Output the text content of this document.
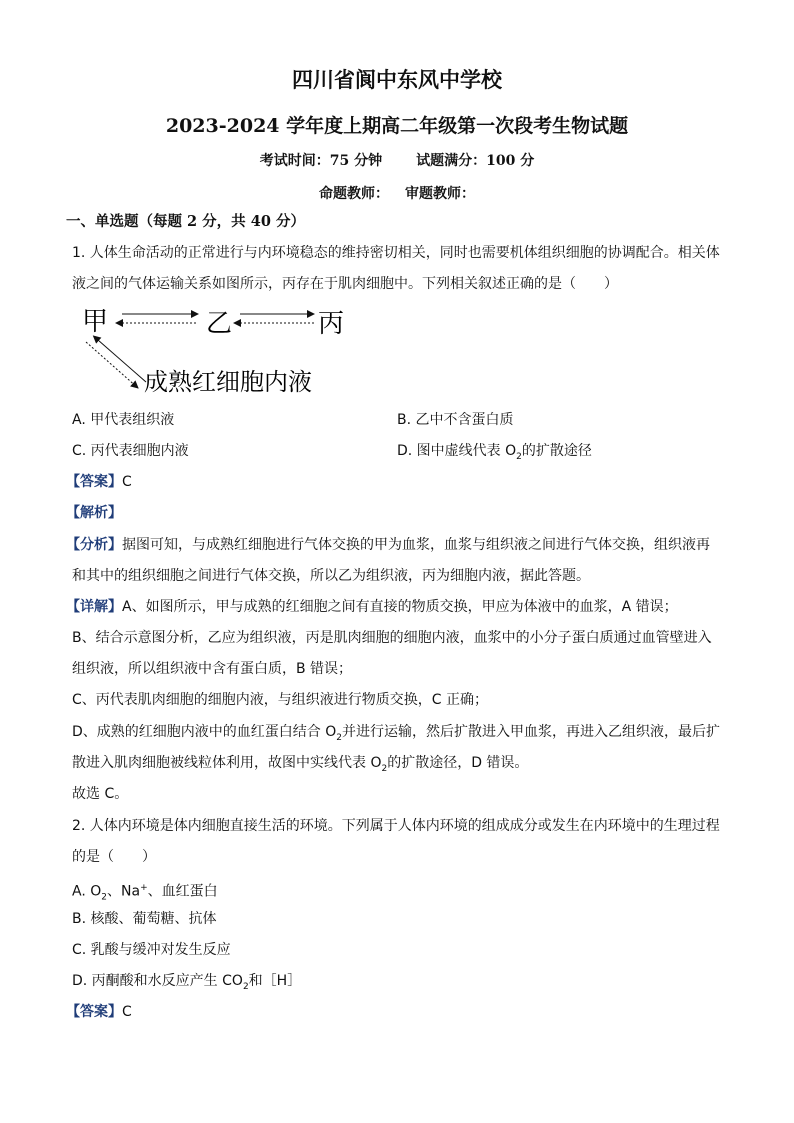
四川省阆中东风中学校
2023-2024 学年度上期高二年级第一次段考生物试题
考试时间：75 分钟 试题满分：100 分
命题教师： 审题教师：
一、单选题（每题 2 分，共 40 分）
1. 人体生命活动的正常进行与内环境稳态的维持密切相关，同时也需要机体组织细胞的协调配合。相关体
液之间的气体运输关系如图所示，丙存在于肌肉细胞中。下列相关叙述正确的是（　　）
甲	乙	丙
成熟红细胞内液
A. 甲代表组织液	B. 乙中不含蛋白质
C. 丙代表细胞内液	D. 图中虚线代表 $O_2$的扩散途径
【答案】C
【解析】
【分析】据图可知，与成熟红细胞进行气体交换的甲为血浆，血浆与组织液之间进行气体交换，组织液再
和其中的组织细胞之间进行气体交换，所以乙为组织液，丙为细胞内液，据此答题。
【详解】A、如图所示，甲与成熟的红细胞之间有直接的物质交换，甲应为体液中的血浆，A 错误；
B、结合示意图分析，乙应为组织液，丙是肌肉细胞的细胞内液，血浆中的小分子蛋白质通过血管壁进入
组织液，所以组织液中含有蛋白质，B 错误；
C、丙代表肌肉细胞的细胞内液，与组织液进行物质交换，C 正确；
D、成熟的红细胞内液中的血红蛋白结合 $O_2$并进行运输，然后扩散进入甲血浆，再进入乙组织液，最后扩
散进入肌肉细胞被线粒体利用，故图中实线代表 $O_2$的扩散途径，D 错误。
故选 C。
2. 人体内环境是体内细胞直接生活的环境。下列属于人体内环境的组成成分或发生在内环境中的生理过程
的是（　　）
A. $O_2$、Na+、血红蛋白
B. 核酸、葡萄糖、抗体
C. 乳酸与缓冲对发生反应
D. 丙酮酸和水反应产生 $CO_2$和［H］
【答案】C
